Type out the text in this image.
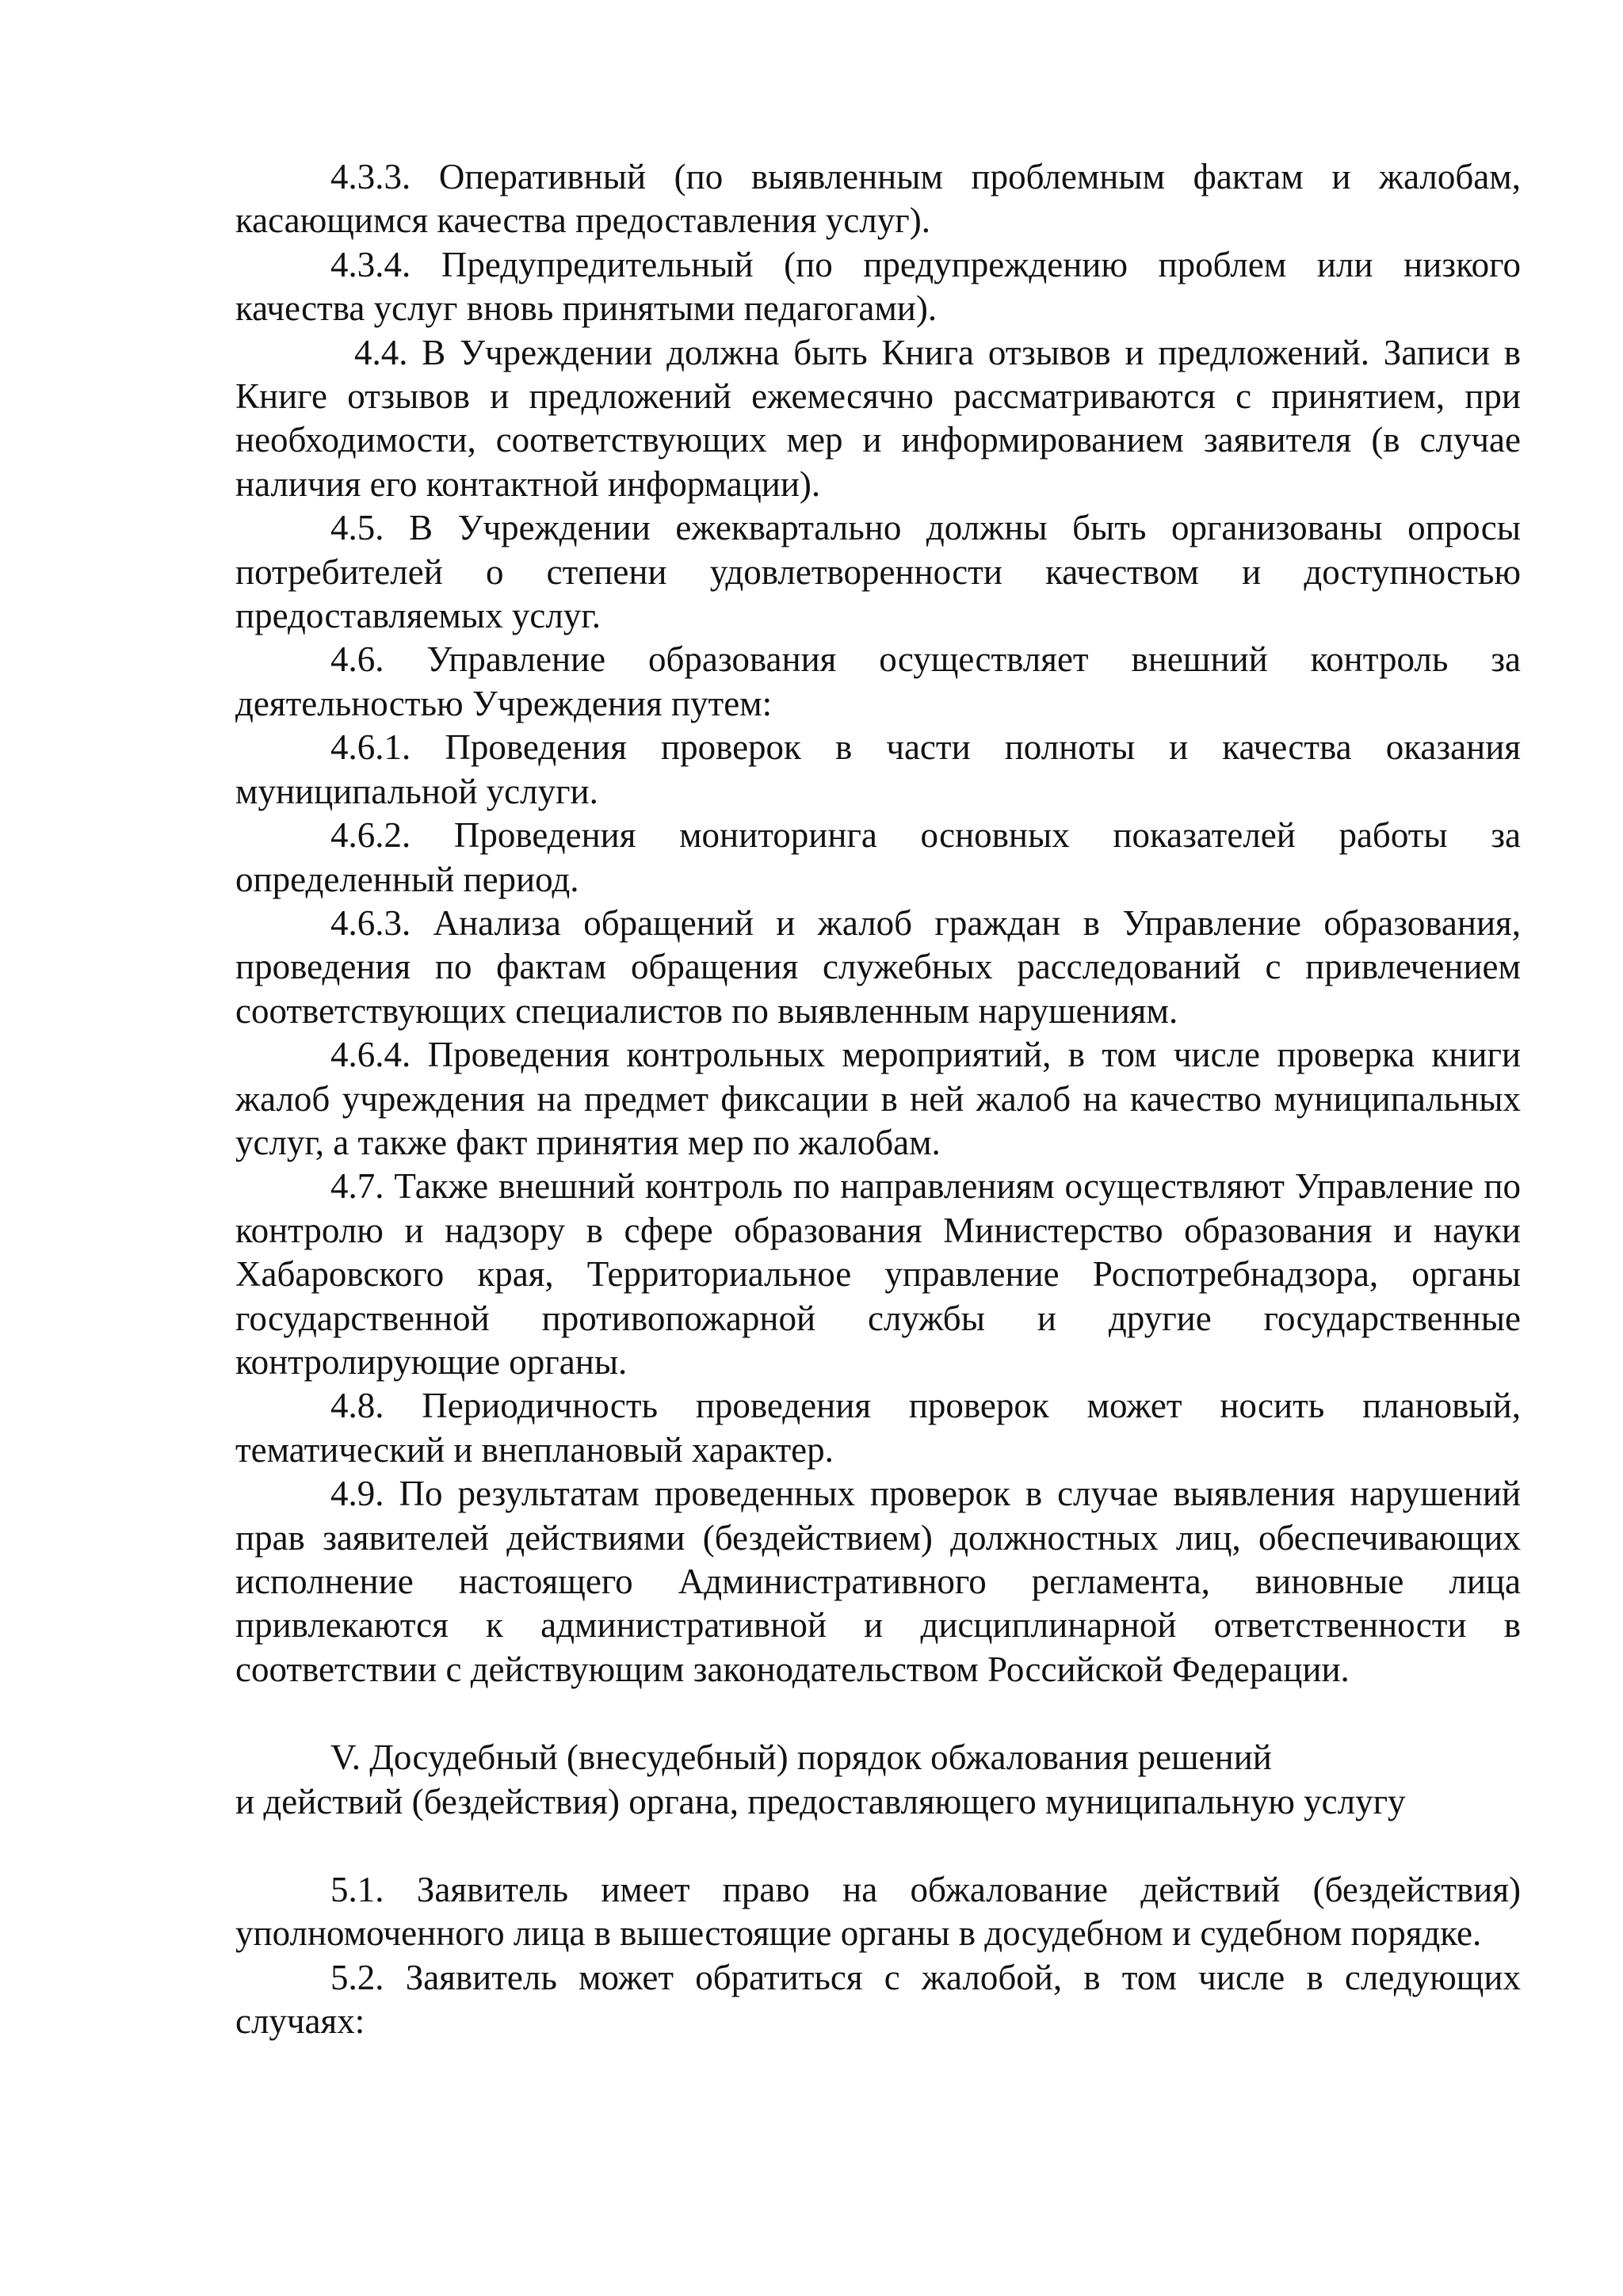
4.3.3. Оперативный (по выявленным проблемным фактам и жалобам, касающимся качества предоставления услуг).

4.3.4. Предупредительный (по предупреждению проблем или низкого качества услуг вновь принятыми педагогами).

4.4. В Учреждении должна быть Книга отзывов и предложений. Записи в Книге отзывов и предложений ежемесячно рассматриваются с принятием, при необходимости, соответствующих мер и информированием заявителя (в случае наличия его контактной информации).

4.5. В Учреждении ежеквартально должны быть организованы опросы потребителей о степени удовлетворенности качеством и доступностью предоставляемых услуг.

4.6. Управление образования осуществляет внешний контроль за деятельностью Учреждения путем:

4.6.1. Проведения проверок в части полноты и качества оказания муниципальной услуги.

4.6.2. Проведения мониторинга основных показателей работы за определенный период.

4.6.3. Анализа обращений и жалоб граждан в Управление образования, проведения по фактам обращения служебных расследований с привлечением соответствующих специалистов по выявленным нарушениям.

4.6.4. Проведения контрольных мероприятий, в том числе проверка книги жалоб учреждения на предмет фиксации в ней жалоб на качество муниципальных услуг, а также факт принятия мер по жалобам.

4.7. Также внешний контроль по направлениям осуществляют Управление по контролю и надзору в сфере образования Министерство образования и науки Хабаровского края, Территориальное управление Роспотребнадзора, органы государственной противопожарной службы и другие государственные контролирующие органы.

4.8. Периодичность проведения проверок может носить плановый, тематический и внеплановый характер.

4.9. По результатам проведенных проверок в случае выявления нарушений прав заявителей действиями (бездействием) должностных лиц, обеспечивающих исполнение настоящего Административного регламента, виновные лица привлекаются к административной и дисциплинарной ответственности в соответствии с действующим законодательством Российской Федерации.

V. Досудебный (внесудебный) порядок обжалования решений
и действий (бездействия) органа, предоставляющего муниципальную услугу

5.1. Заявитель имеет право на обжалование действий (бездействия) уполномоченного лица в вышестоящие органы в досудебном и судебном порядке.

5.2. Заявитель может обратиться с жалобой, в том числе в следующих случаях:
